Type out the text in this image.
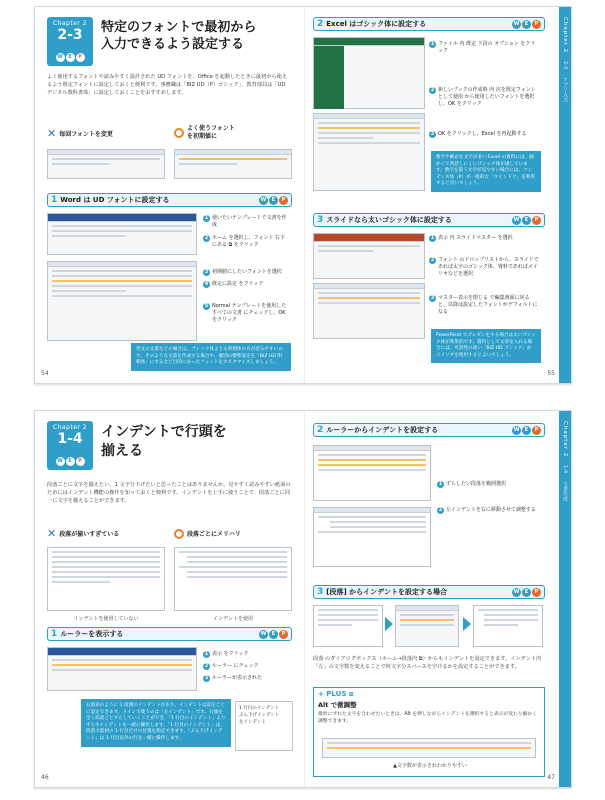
Chapter 2
2-3
W	E	P
特定のフォントで最初から
入力できるよう設定する
よく使用するフォントや読みやすく設計された UD フォントを、Office を起動したときに最初から使えるよう既定フォントに設定しておくと便利です。事務職は「BIZ UD（P）ゴシック」、教育部局は「UD デジタル教科書体」に設定しておくことをおすすめします。
✕ 毎回フォントを変更
よく使うフォント
を初期値に
1 Word は UD フォントに設定する	W	E	P
1 使いたいテンプレートで文書を作成
2 ホーム を選択し、フォント 右下にある ⧉ をクリック
3 初期値にしたいフォントを選択
4 既定に設定 をクリック
5 Normal テンプレートを使用したすべての文書 にチェックし、OK をクリック
英文の文書などの場合は、ゴシック体よりも明朝体の方が読みやすいので、そのような文書を作成する場合や、個別の標準設定を「BIZ UD 明朝体」にするなど目的にあったフォントをカスタマイズしましょう。
54
2 Excel はゴシック体に設定する	W	E	P
1 ファイル 内 既定 下段の オプション をクリック
2 新しいブックの作成時 内 次を既定フォントとして使用 から使用したいフォントを選択し、OK をクリック
3 OK をクリックし、Excel を再起動する
数字や細かな文字が多い Excel の資料には、細かくて判読しにくいゴシック体が適しています。数字を扱う文字が見やすい場合には、コンデンス体（P）が一般的な「ウインドウ」を利用すると良いでしょう。
3 スライドなら太いゴシック体に設定する	W	E	P
1 表示 内 スライドマスター を選択
2 フォント のドロップリストから、スライドであれば太字のゴシック体、資料であればメイリオなどを選択
3 マスター表示を閉じる で編集画面に戻ると、以降は設定したフォントがデフォルトになる
PowerPoint でプレゼンをする場合は太いゴシック体が効果的です。資料として文章を入れる場合には、可読性の高い「BIZ UD ゴシック」かメイリオを使用するとよいでしょう。
Chapter 2
2-3
アプリ入力
55
Chapter 2
1-4
W	E	P
インデントで行頭を
揃える
段落ごとに文字を揃えたい、1 文字分下げたいと思ったことはありませんか。見やすく読みやすい紙面のためにはインデント機能の操作を知っておくと便利です。インデントを上手に使うことで、段落ごとに同一に文字を揃えることができます。
✕ 段落が揃いすぎている	段落ごとにメリハリ
インデントを使用していない	インデントを使用
1 ルーラーを表示する	W	E	P
1 表示 をクリック
2 ルーラー にチェック
3 ルーラーが表示された
右図表のように 1 度頭のインデントがあり、インデントは設定ごとに設定できます。メインで使うのは「左インデント」です。行頭を全く段落ごとずらしていくことができ、「1 行目のインデント」よりずらすインデントを一緒に操作します。「1 行目のインデント」は、段落で最初の 1 行目だけの位置を指定できます。「ぶら下げインデント」は 1 行目以外の行を一緒に操作します。
1 行目のインデント
ぶら下げインデント
左インデント
46
2 ルーラーからインデントを設定する	W	E	P
1 ずらしたい段落を範囲選択
2 左インデントを右に移動させて調整する
3 [段落] からインデントを設定する場合	W	E	P
段落 のダイアログボックス（ホーム→段落内 ⧉）からもインデントを設定できます。インデント内「左」の文字数を変えることで何文字分スペースを空けるかを設定することができます。
+ PLUS α
Alt で微調整
微妙にずれた文字を合わせたいときは、Alt を押しながらインデントを選択すると表示が変わり細かく調整できます。
▲文字数が表示されわかりやすい
Chapter 2
1-4
文書作成
47
